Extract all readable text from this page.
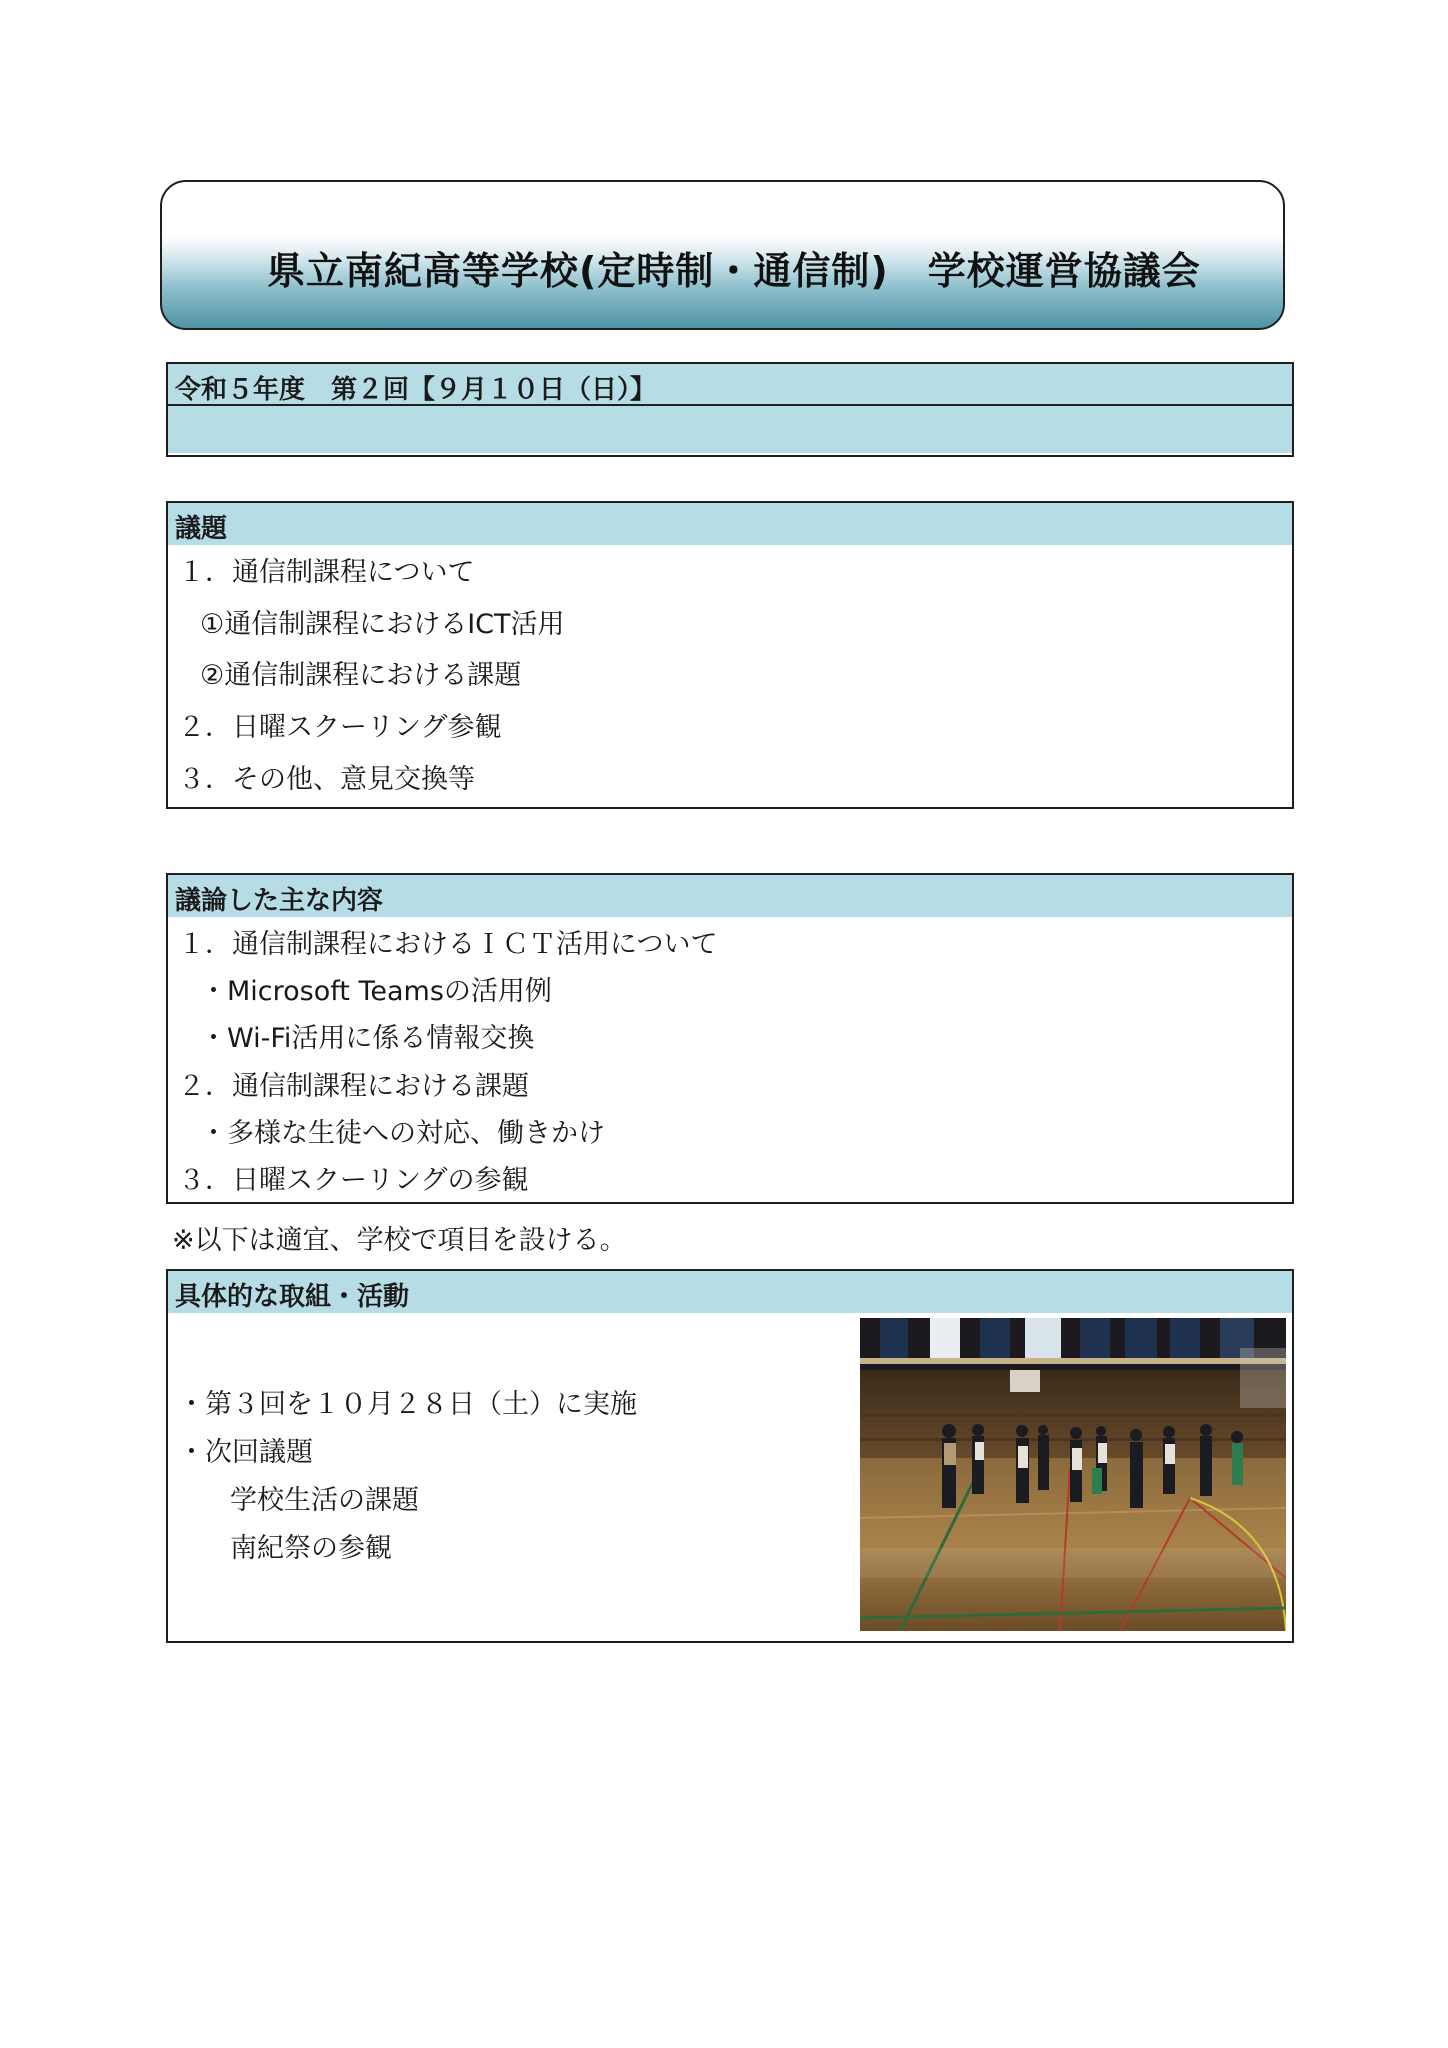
県立南紀高等学校(定時制・通信制)　学校運営協議会
令和５年度　第２回【９月１０日（日）】
議題
１．通信制課程について
①通信制課程におけるICT活用
②通信制課程における課題
２．日曜スクーリング参観
３．その他、意見交換等
議論した主な内容
１．通信制課程におけるＩＣＴ活用について
・Microsoft Teamsの活用例
・Wi-Fi活用に係る情報交換
２．通信制課程における課題
・多様な生徒への対応、働きかけ
３．日曜スクーリングの参観
※以下は適宜、学校で項目を設ける。
具体的な取組・活動
・第３回を１０月２８日（土）に実施
・次回議題
学校生活の課題
南紀祭の参観
